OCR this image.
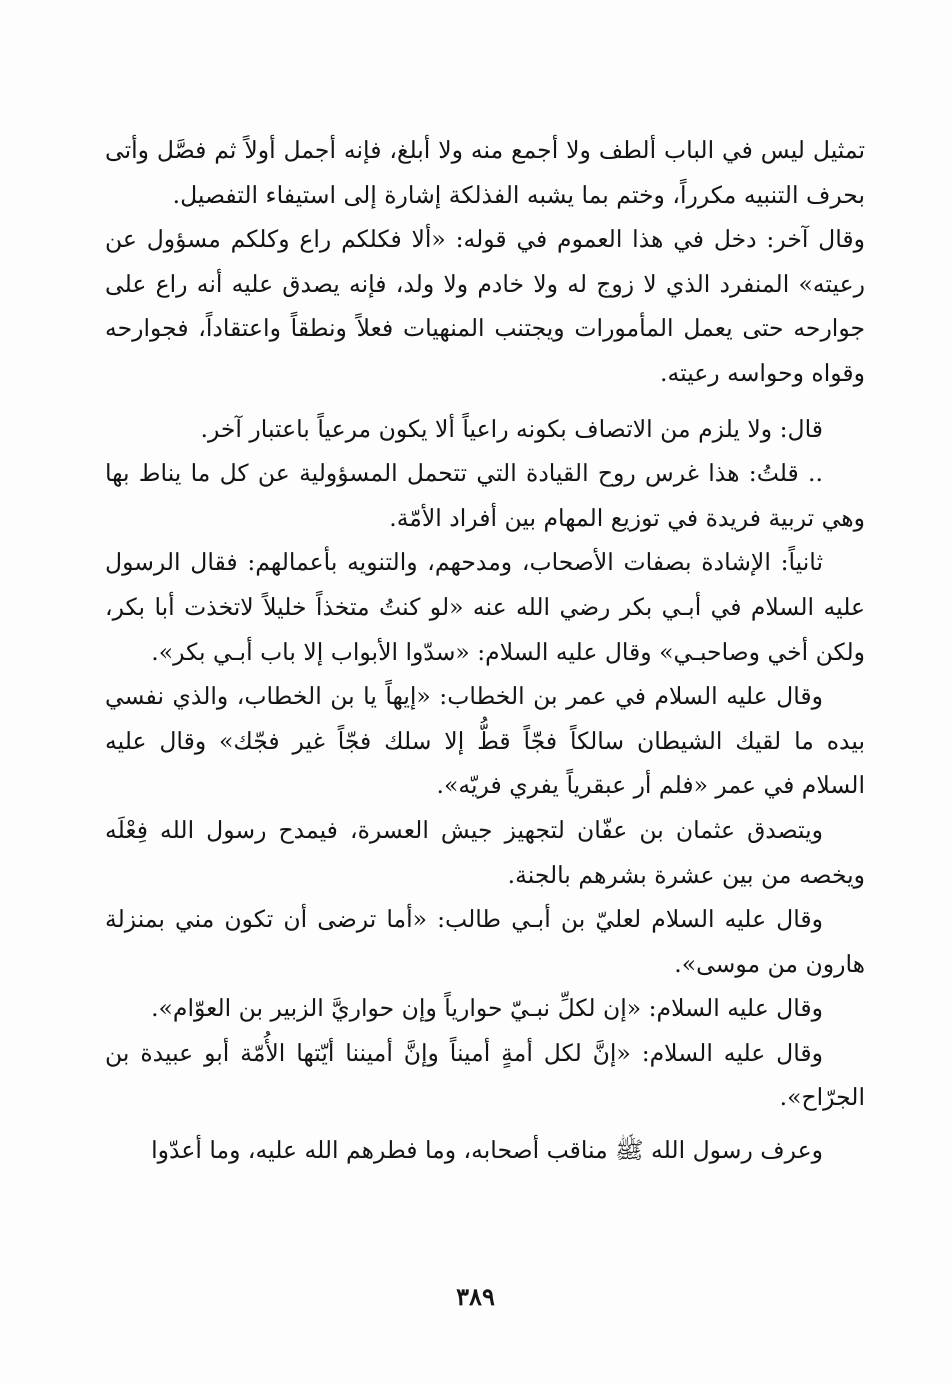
تمثيل ليس في الباب ألطف ولا أجمع منه ولا أبلغ، فإنه أجمل أولاً ثم فصَّل وأتى بحرف التنبيه مكرراً، وختم بما يشبه الفذلكة إشارة إلى استيفاء التفصيل.

وقال آخر: دخل في هذا العموم في قوله: «ألا فكلكم راع وكلكم مسؤول عن رعيته» المنفرد الذي لا زوج له ولا خادم ولا ولد، فإنه يصدق عليه أنه راع على جوارحه حتى يعمل المأمورات ويجتنب المنهيات فعلاً ونطقاً واعتقاداً، فجوارحه وقواه وحواسه رعيته.

قال: ولا يلزم من الاتصاف بكونه راعياً ألا يكون مرعياً باعتبار آخر.

.. قلتُ: هذا غرس روح القيادة التي تتحمل المسؤولية عن كل ما يناط بها وهي تربية فريدة في توزيع المهام بين أفراد الأمّة.

ثانياً: الإشادة بصفات الأصحاب، ومدحهم، والتنويه بأعمالهم: فقال الرسول عليه السلام في أبـي بكر رضي الله عنه «لو كنتُ متخذاً خليلاً لاتخذت أبا بكر، ولكن أخي وصاحبـي» وقال عليه السلام: «سدّوا الأبواب إلا باب أبـي بكر».

وقال عليه السلام في عمر بن الخطاب: «إيهاً يا بن الخطاب، والذي نفسي بيده ما لقيك الشيطان سالكاً فجّاً قطُّ إلا سلك فجّاً غير فجّك» وقال عليه السلام في عمر «فلم أر عبقرياً يفري فريّه».

ويتصدق عثمان بن عفّان لتجهيز جيش العسرة، فيمدح رسول الله فِعْلَه ويخصه من بين عشرة بشرهم بالجنة.

وقال عليه السلام لعليّ بن أبـي طالب: «أما ترضى أن تكون مني بمنزلة هارون من موسى».

وقال عليه السلام: «إن لكلِّ نبـيّ حوارياً وإن حواريَّ الزبير بن العوّام».

وقال عليه السلام: «إنَّ لكل أمةٍ أميناً وإنَّ أميننا أيّتها الأُمّة أبو عبيدة بن الجرّاح».

وعرف رسول الله ﷺ مناقب أصحابه، وما فطرهم الله عليه، وما أعدّوا

٣٨٩
